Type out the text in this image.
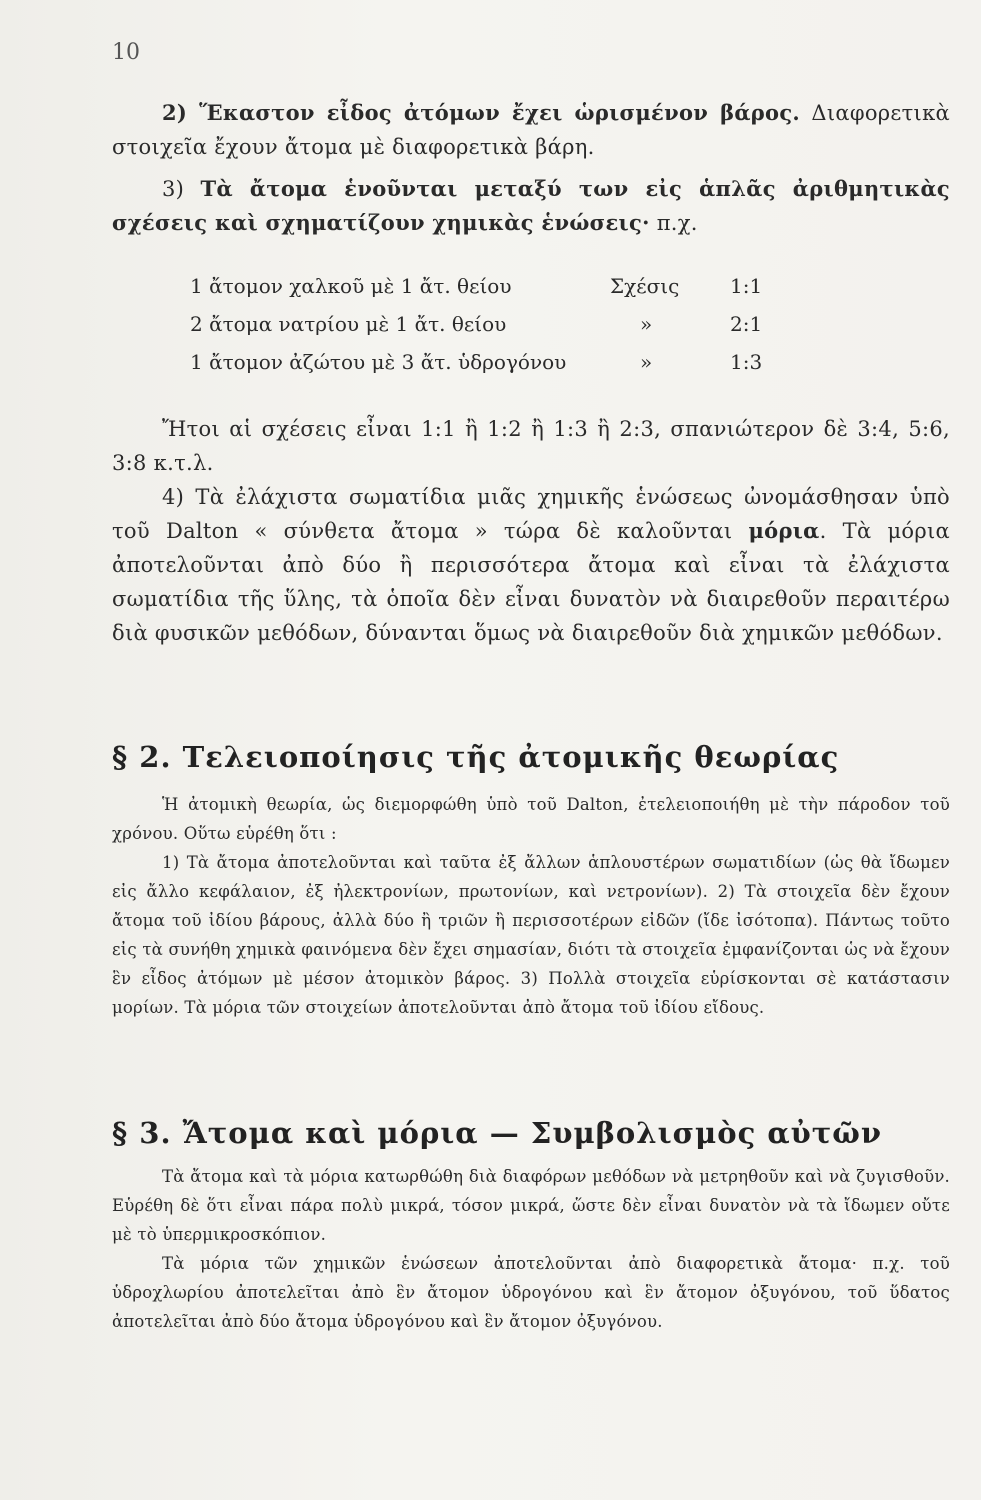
10

2) Ἕκαστον εἶδος ἀτόμων ἔχει ὡρισμένον βάρος. Διαφορετικὰ στοιχεῖα ἔχουν ἄτομα μὲ διαφορετικὰ βάρη.

3) Τὰ ἄτομα ἑνοῦνται μεταξύ των εἰς ἁπλᾶς ἀριθμητικὰς σχέσεις καὶ σχηματίζουν χημικὰς ἑνώσεις· π.χ.

1 ἄτομον χαλκοῦ μὲ 1 ἄτ. θείου	Σχέσις	1:1
2 ἄτομα νατρίου μὲ 1 ἄτ. θείου	»	2:1
1 ἄτομον ἀζώτου μὲ 3 ἄτ. ὑδρογόνου	»	1:3

Ἤτοι αἱ σχέσεις εἶναι 1:1 ἢ 1:2 ἢ 1:3 ἢ 2:3, σπανιώτερον δὲ 3:4, 5:6, 3:8 κ.τ.λ.

4) Τὰ ἐλάχιστα σωματίδια μιᾶς χημικῆς ἑνώσεως ὠνομάσθησαν ὑπὸ τοῦ Dalton « σύνθετα ἄτομα » τώρα δὲ καλοῦνται μόρια. Τὰ μόρια ἀποτελοῦνται ἀπὸ δύο ἢ περισσότερα ἄτομα καὶ εἶναι τὰ ἐλάχιστα σωματίδια τῆς ὕλης, τὰ ὁποῖα δὲν εἶναι δυνατὸν νὰ διαιρεθοῦν περαιτέρω διὰ φυσικῶν μεθόδων, δύνανται ὅμως νὰ διαιρεθοῦν διὰ χημικῶν μεθόδων.

§ 2. Τελειοποίησις τῆς ἀτομικῆς θεωρίας

Ἡ ἀτομικὴ θεωρία, ὡς διεμορφώθη ὑπὸ τοῦ Dalton, ἐτελειοποιήθη μὲ τὴν πάροδον τοῦ χρόνου. Οὕτω εὑρέθη ὅτι :

1) Τὰ ἄτομα ἀποτελοῦνται καὶ ταῦτα ἐξ ἄλλων ἁπλουστέρων σωματιδίων (ὡς θὰ ἴδωμεν εἰς ἄλλο κεφάλαιον, ἐξ ἠλεκτρονίων, πρωτονίων, καὶ νετρονίων). 2) Τὰ στοιχεῖα δὲν ἔχουν ἄτομα τοῦ ἰδίου βάρους, ἀλλὰ δύο ἢ τριῶν ἢ περισσοτέρων εἰδῶν (ἴδε ἰσότοπα). Πάντως τοῦτο εἰς τὰ συνήθη χημικὰ φαινόμενα δὲν ἔχει σημασίαν, διότι τὰ στοιχεῖα ἐμφανίζονται ὡς νὰ ἔχουν ἓν εἶδος ἀτόμων μὲ μέσον ἀτομικὸν βάρος. 3) Πολλὰ στοιχεῖα εὑρίσκονται σὲ κατάστασιν μορίων. Τὰ μόρια τῶν στοιχείων ἀποτελοῦνται ἀπὸ ἄτομα τοῦ ἰδίου εἴδους.

§ 3. Ἄτομα καὶ μόρια — Συμβολισμὸς αὐτῶν

Τὰ ἄτομα καὶ τὰ μόρια κατωρθώθη διὰ διαφόρων μεθόδων νὰ μετρηθοῦν καὶ νὰ ζυγισθοῦν. Εὑρέθη δὲ ὅτι εἶναι πάρα πολὺ μικρά, τόσον μικρά, ὥστε δὲν εἶναι δυνατὸν νὰ τὰ ἴδωμεν οὔτε μὲ τὸ ὑπερμικροσκόπιον.

Τὰ μόρια τῶν χημικῶν ἑνώσεων ἀποτελοῦνται ἀπὸ διαφορετικὰ ἄτομα· π.χ. τοῦ ὑδροχλωρίου ἀποτελεῖται ἀπὸ ἓν ἄτομον ὑδρογόνου καὶ ἓν ἄτομον ὀξυγόνου, τοῦ ὕδατος ἀποτελεῖται ἀπὸ δύο ἄτομα ὑδρογόνου καὶ ἓν ἄτομον ὀξυγόνου.
